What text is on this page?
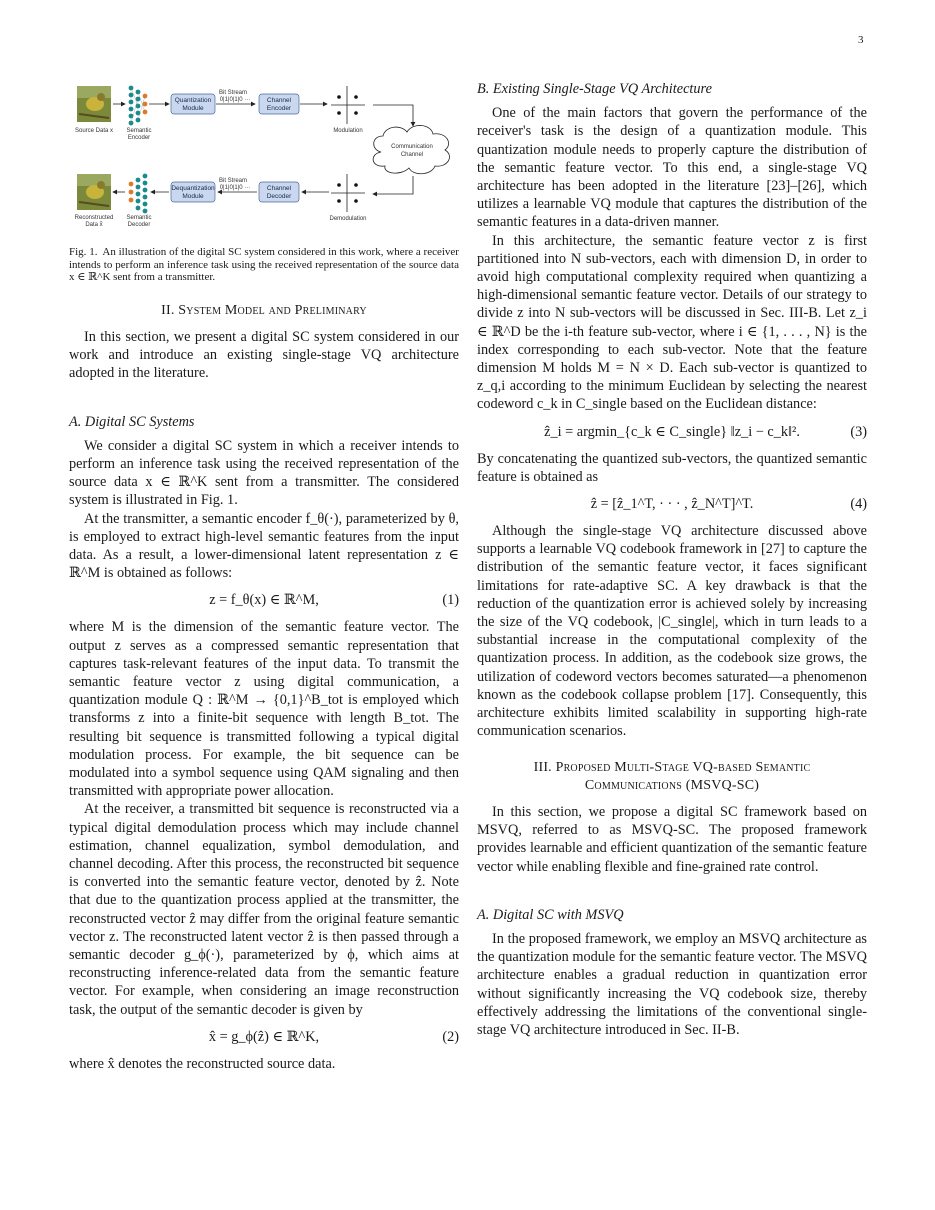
3
Source Data x Semantic
Encoder
Quantization
Module
Bit Stream
0|1|0|1|0 ···	Channel
Encoder
Modulation
Communication
Channel
Reconstructed
Data x̂
Semantic
Decoder
Dequantization
Module
Bit Stream
0|1|0|1|0 ···	Channel
Decoder
Demodulation
Fig. 1. An illustration of the digital SC system considered in this work, where a receiver intends to perform an inference task using the received representation of the source data x ∈ ℝ^K sent from a transmitter.
II. System Model and Preliminary

In this section, we present a digital SC system considered in our work and introduce an existing single-stage VQ architecture adopted in the literature.

A. Digital SC Systems

We consider a digital SC system in which a receiver intends to perform an inference task using the received representation of the source data x ∈ ℝ^K sent from a transmitter. The considered system is illustrated in Fig. 1.

At the transmitter, a semantic encoder f_θ(·), parameterized by θ, is employed to extract high-level semantic features from the input data. As a result, a lower-dimensional latent representation z ∈ ℝ^M is obtained as follows:

z = f_θ(x) ∈ ℝ^M,	(1)

where M is the dimension of the semantic feature vector. The output z serves as a compressed semantic representation that captures task-relevant features of the input data. To transmit the semantic feature vector z using digital communication, a quantization module Q : ℝ^M → {0,1}^B_tot is employed which transforms z into a finite-bit sequence with length B_tot. The resulting bit sequence is transmitted following a typical digital modulation process. For example, the bit sequence can be modulated into a symbol sequence using QAM signaling and then transmitted with appropriate power allocation.

At the receiver, a transmitted bit sequence is reconstructed via a typical digital demodulation process which may include channel estimation, channel equalization, symbol demodulation, and channel decoding. After this process, the reconstructed bit sequence is converted into the semantic feature vector, denoted by ẑ. Note that due to the quantization process applied at the transmitter, the reconstructed vector ẑ may differ from the original feature semantic vector z. The reconstructed latent vector ẑ is then passed through a semantic decoder g_ϕ(·), parameterized by ϕ, which aims at reconstructing inference-related data from the semantic feature vector. For example, when considering an image reconstruction task, the output of the semantic decoder is given by

x̂ = g_ϕ(ẑ) ∈ ℝ^K,	(2)

where x̂ denotes the reconstructed source data.

B. Existing Single-Stage VQ Architecture

One of the main factors that govern the performance of the receiver's task is the design of a quantization module. This quantization module needs to properly capture the distribution of the semantic feature vector. To this end, a single-stage VQ architecture has been adopted in the literature [23]–[26], which utilizes a learnable VQ module that captures the distribution of the semantic features in a data-driven manner.

In this architecture, the semantic feature vector z is first partitioned into N sub-vectors, each with dimension D, in order to avoid high computational complexity required when quantizing a high-dimensional semantic feature vector. Details of our strategy to divide z into N sub-vectors will be discussed in Sec. III-B. Let z_i ∈ ℝ^D be the i-th feature sub-vector, where i ∈ {1, . . . , N} is the index corresponding to each sub-vector. Note that the feature dimension M holds M = N × D. Each sub-vector is quantized to z_q,i according to the minimum Euclidean by selecting the nearest codeword c_k in C_single based on the Euclidean distance:

ẑ_i = argmin_{c_k ∈ C_single} ‖z_i − c_k‖².	(3)

By concatenating the quantized sub-vectors, the quantized semantic feature is obtained as

ẑ = [ẑ_1^T, · · · , ẑ_N^T]^T.	(4)

Although the single-stage VQ architecture discussed above supports a learnable VQ codebook framework in [27] to capture the distribution of the semantic feature vector, it faces significant limitations for rate-adaptive SC. A key drawback is that the reduction of the quantization error is achieved solely by increasing the size of the VQ codebook, |C_single|, which in turn leads to a substantial increase in the computational complexity of the quantization process. In addition, as the codebook size grows, the utilization of codeword vectors becomes saturated—a phenomenon known as the codebook collapse problem [17]. Consequently, this architecture exhibits limited scalability in supporting high-rate communication scenarios.

III. Proposed Multi-Stage VQ-based Semantic
Communications (MSVQ-SC)

In this section, we propose a digital SC framework based on MSVQ, referred to as MSVQ-SC. The proposed framework provides learnable and efficient quantization of the semantic feature vector while enabling flexible and fine-grained rate control.

A. Digital SC with MSVQ

In the proposed framework, we employ an MSVQ architecture as the quantization module for the semantic feature vector. The MSVQ architecture enables a gradual reduction in quantization error without significantly increasing the VQ codebook size, thereby effectively addressing the limitations of the conventional single-stage VQ architecture introduced in Sec. II-B.
